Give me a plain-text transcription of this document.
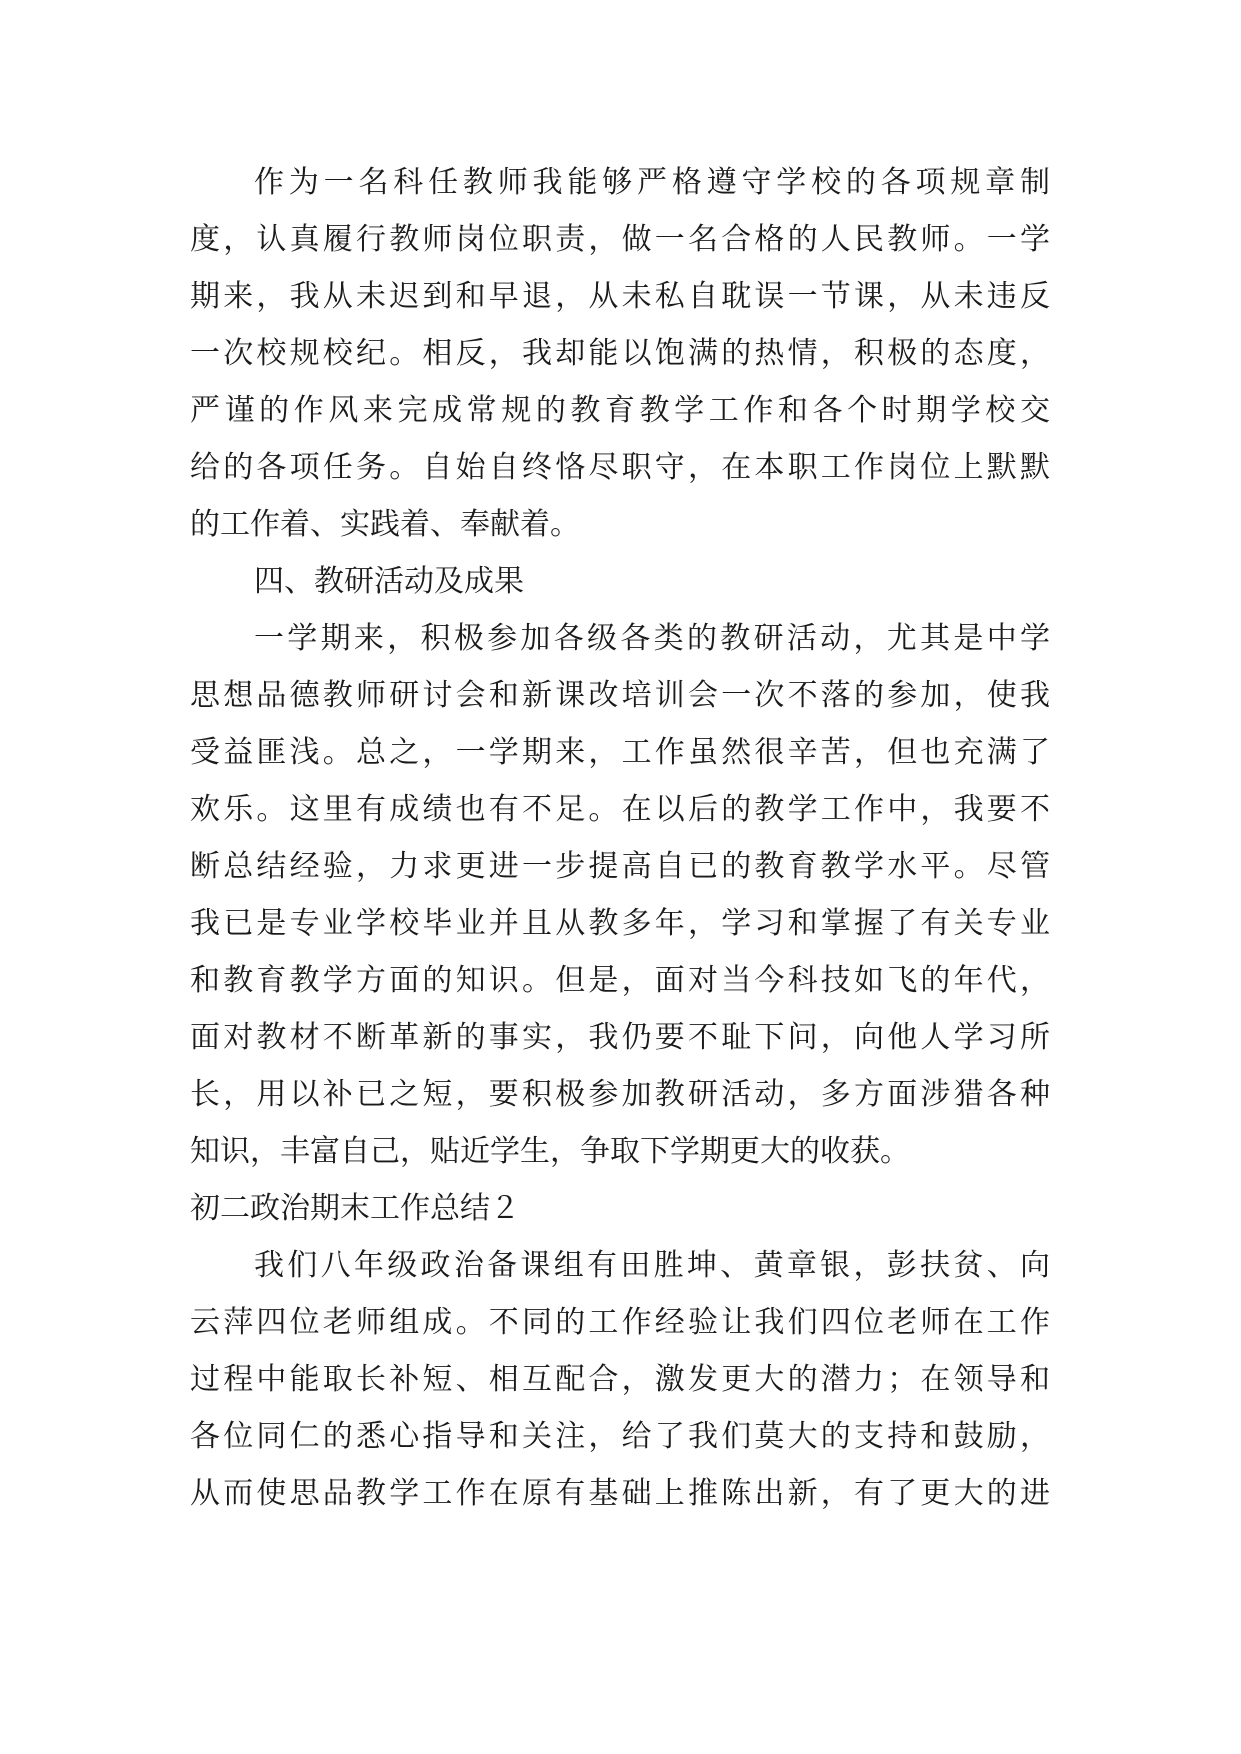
作为一名科任教师我能够严格遵守学校的各项规章制
度，认真履行教师岗位职责，做一名合格的人民教师。一学
期来，我从未迟到和早退，从未私自耽误一节课，从未违反
一次校规校纪。相反，我却能以饱满的热情，积极的态度，
严谨的作风来完成常规的教育教学工作和各个时期学校交
给的各项任务。自始自终恪尽职守，在本职工作岗位上默默
的工作着、实践着、奉献着。
四、教研活动及成果
一学期来，积极参加各级各类的教研活动，尤其是中学
思想品德教师研讨会和新课改培训会一次不落的参加，使我
受益匪浅。总之，一学期来，工作虽然很辛苦，但也充满了
欢乐。这里有成绩也有不足。在以后的教学工作中，我要不
断总结经验，力求更进一步提高自已的教育教学水平。尽管
我已是专业学校毕业并且从教多年，学习和掌握了有关专业
和教育教学方面的知识。但是，面对当今科技如飞的年代，
面对教材不断革新的事实，我仍要不耻下问，向他人学习所
长，用以补已之短，要积极参加教研活动，多方面涉猎各种
知识，丰富自己，贴近学生，争取下学期更大的收获。
初二政治期末工作总结２
我们八年级政治备课组有田胜坤、黄章银，彭扶贫、向
云萍四位老师组成。不同的工作经验让我们四位老师在工作
过程中能取长补短、相互配合，激发更大的潜力；在领导和
各位同仁的悉心指导和关注，给了我们莫大的支持和鼓励，
从而使思品教学工作在原有基础上推陈出新，有了更大的进
